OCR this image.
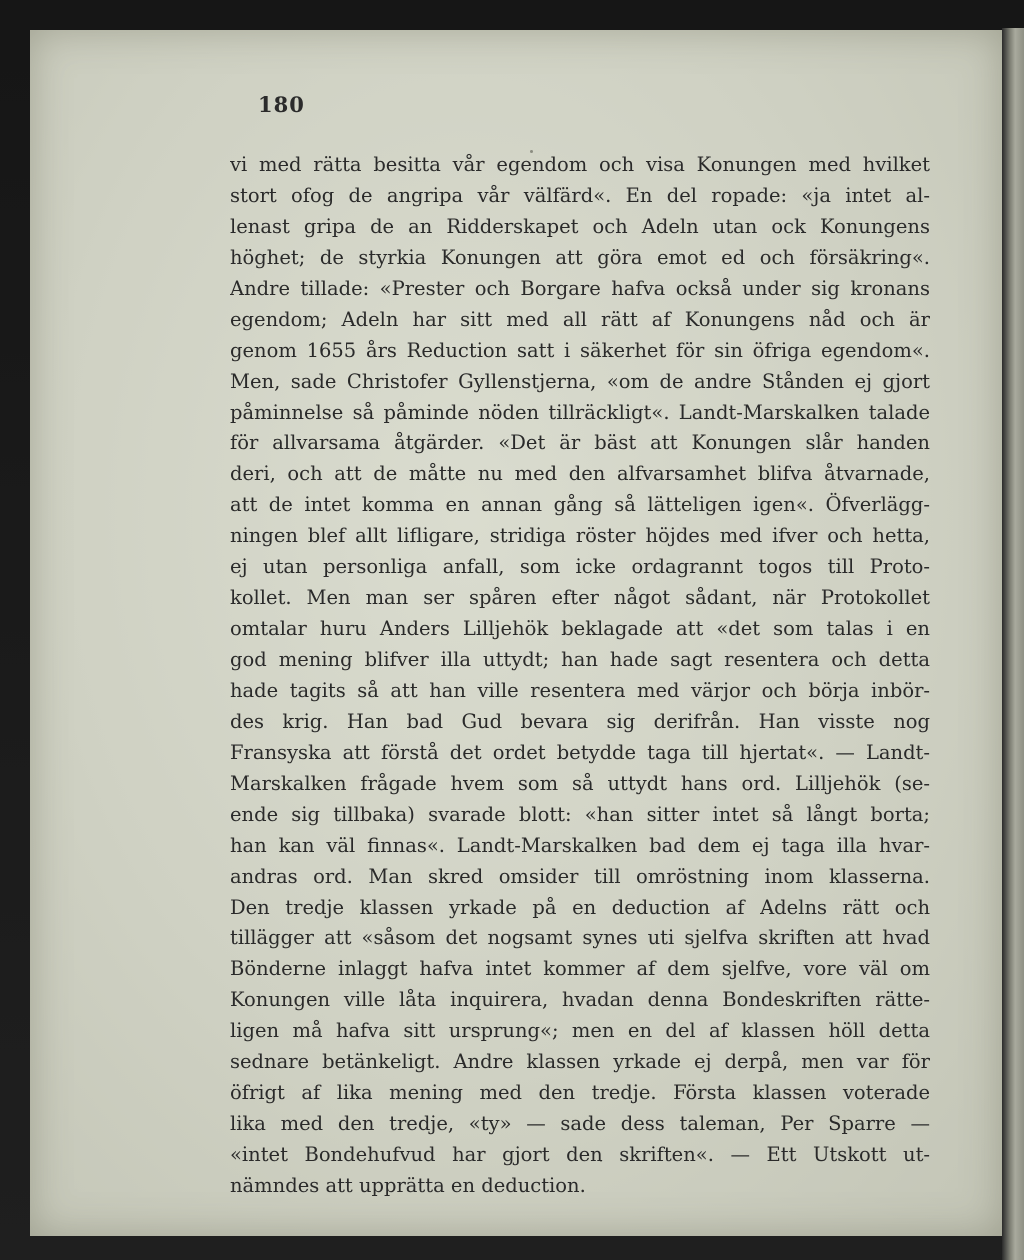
180
vi med rätta besitta vår egendom och visa Konungen med hvilket
stort ofog de angripa vår välfärd«. En del ropade: «ja intet al-
lenast gripa de an Ridderskapet och Adeln utan ock Konungens
höghet; de styrkia Konungen att göra emot ed och försäkring«.
Andre tillade: «Prester och Borgare hafva också under sig kronans
egendom; Adeln har sitt med all rätt af Konungens nåd och är
genom 1655 års Reduction satt i säkerhet för sin öfriga egendom«.
Men, sade Christofer Gyllenstjerna, «om de andre Stånden ej gjort
påminnelse så påminde nöden tillräckligt«. Landt-Marskalken talade
för allvarsama åtgärder. «Det är bäst att Konungen slår handen
deri, och att de måtte nu med den alfvarsamhet blifva åtvarnade,
att de intet komma en annan gång så lätteligen igen«. Öfverlägg-
ningen blef allt lifligare, stridiga röster höjdes med ifver och hetta,
ej utan personliga anfall, som icke ordagrannt togos till Proto-
kollet. Men man ser spåren efter något sådant, när Protokollet
omtalar huru Anders Lilljehök beklagade att «det som talas i en
god mening blifver illa uttydt; han hade sagt resentera och detta
hade tagits så att han ville resentera med värjor och börja inbör-
des krig. Han bad Gud bevara sig derifrån. Han visste nog
Fransyska att förstå det ordet betydde taga till hjertat«. — Landt-
Marskalken frågade hvem som så uttydt hans ord. Lilljehök (se-
ende sig tillbaka) svarade blott: «han sitter intet så långt borta;
han kan väl finnas«. Landt-Marskalken bad dem ej taga illa hvar-
andras ord. Man skred omsider till omröstning inom klasserna.
Den tredje klassen yrkade på en deduction af Adelns rätt och
tillägger att «såsom det nogsamt synes uti sjelfva skriften att hvad
Bönderne inlaggt hafva intet kommer af dem sjelfve, vore väl om
Konungen ville låta inquirera, hvadan denna Bondeskriften rätte-
ligen må hafva sitt ursprung«; men en del af klassen höll detta
sednare betänkeligt. Andre klassen yrkade ej derpå, men var för
öfrigt af lika mening med den tredje. Första klassen voterade
lika med den tredje, «ty» — sade dess taleman, Per Sparre —
«intet Bondehufvud har gjort den skriften«. — Ett Utskott ut-
nämndes att upprätta en deduction.
